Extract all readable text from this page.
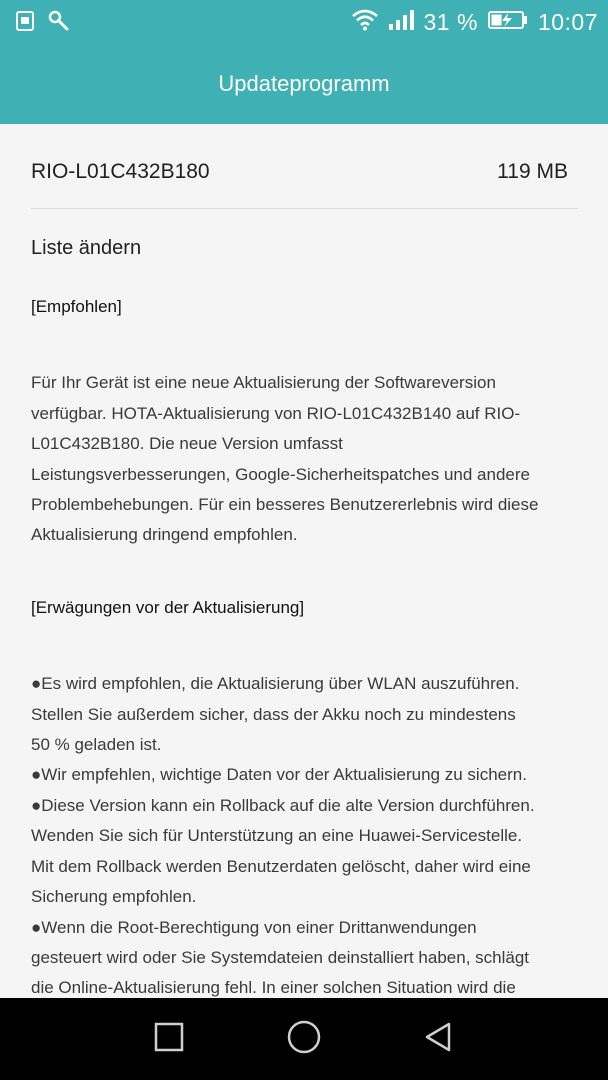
31 %	10:07
Updateprogramm
RIO-L01C432B180	119 MB
Liste ändern

[Empfohlen]

Für Ihr Gerät ist eine neue Aktualisierung der Softwareversion

verfügbar. HOTA-Aktualisierung von RIO-L01C432B140 auf RIO-

L01C432B180. Die neue Version umfasst

Leistungsverbesserungen, Google-Sicherheitspatches und andere

Problembehebungen. Für ein besseres Benutzererlebnis wird diese

Aktualisierung dringend empfohlen.

[Erwägungen vor der Aktualisierung]

●Es wird empfohlen, die Aktualisierung über WLAN auszuführen.

Stellen Sie außerdem sicher, dass der Akku noch zu mindestens

50 % geladen ist.

●Wir empfehlen, wichtige Daten vor der Aktualisierung zu sichern.

●Diese Version kann ein Rollback auf die alte Version durchführen.

Wenden Sie sich für Unterstützung an eine Huawei-Servicestelle.

Mit dem Rollback werden Benutzerdaten gelöscht, daher wird eine

Sicherung empfohlen.

●Wenn die Root-Berechtigung von einer Drittanwendungen

gesteuert wird oder Sie Systemdateien deinstalliert haben, schlägt

die Online-Aktualisierung fehl. In einer solchen Situation wird die
